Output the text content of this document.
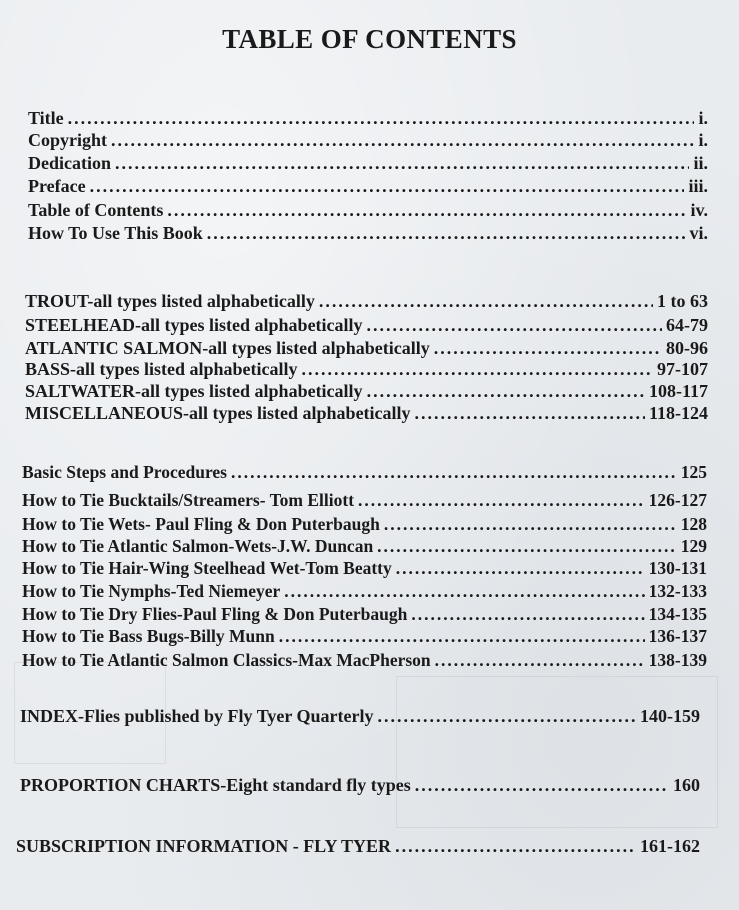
TABLE OF CONTENTS
Title .....	i.
Copyright .....	i.
Dedication .....	ii.
Preface .....	iii.
Table of Contents .....	iv.
How To Use This Book .....	vi.
TROUT-all types listed alphabetically .....	1 to 63
STEELHEAD-all types listed alphabetically .....	64-79
ATLANTIC SALMON-all types listed alphabetically .....	80-96
BASS-all types listed alphabetically .....	97-107
SALTWATER-all types listed alphabetically .....	108-117
MISCELLANEOUS-all types listed alphabetically .....	118-124
Basic Steps and Procedures .....	125
How to Tie Bucktails/Streamers- Tom Elliott .....	126-127
How to Tie Wets- Paul Fling & Don Puterbaugh .....	128
How to Tie Atlantic Salmon-Wets-J.W. Duncan .....	129
How to Tie Hair-Wing Steelhead Wet-Tom Beatty .....	130-131
How to Tie Nymphs-Ted Niemeyer .....	132-133
How to Tie Dry Flies-Paul Fling & Don Puterbaugh .....	134-135
How to Tie Bass Bugs-Billy Munn .....	136-137
How to Tie Atlantic Salmon Classics-Max MacPherson .....	138-139
INDEX-Flies published by Fly Tyer Quarterly .....	140-159
PROPORTION CHARTS-Eight standard fly types .....	160
SUBSCRIPTION INFORMATION - FLY TYER .....	161-162
